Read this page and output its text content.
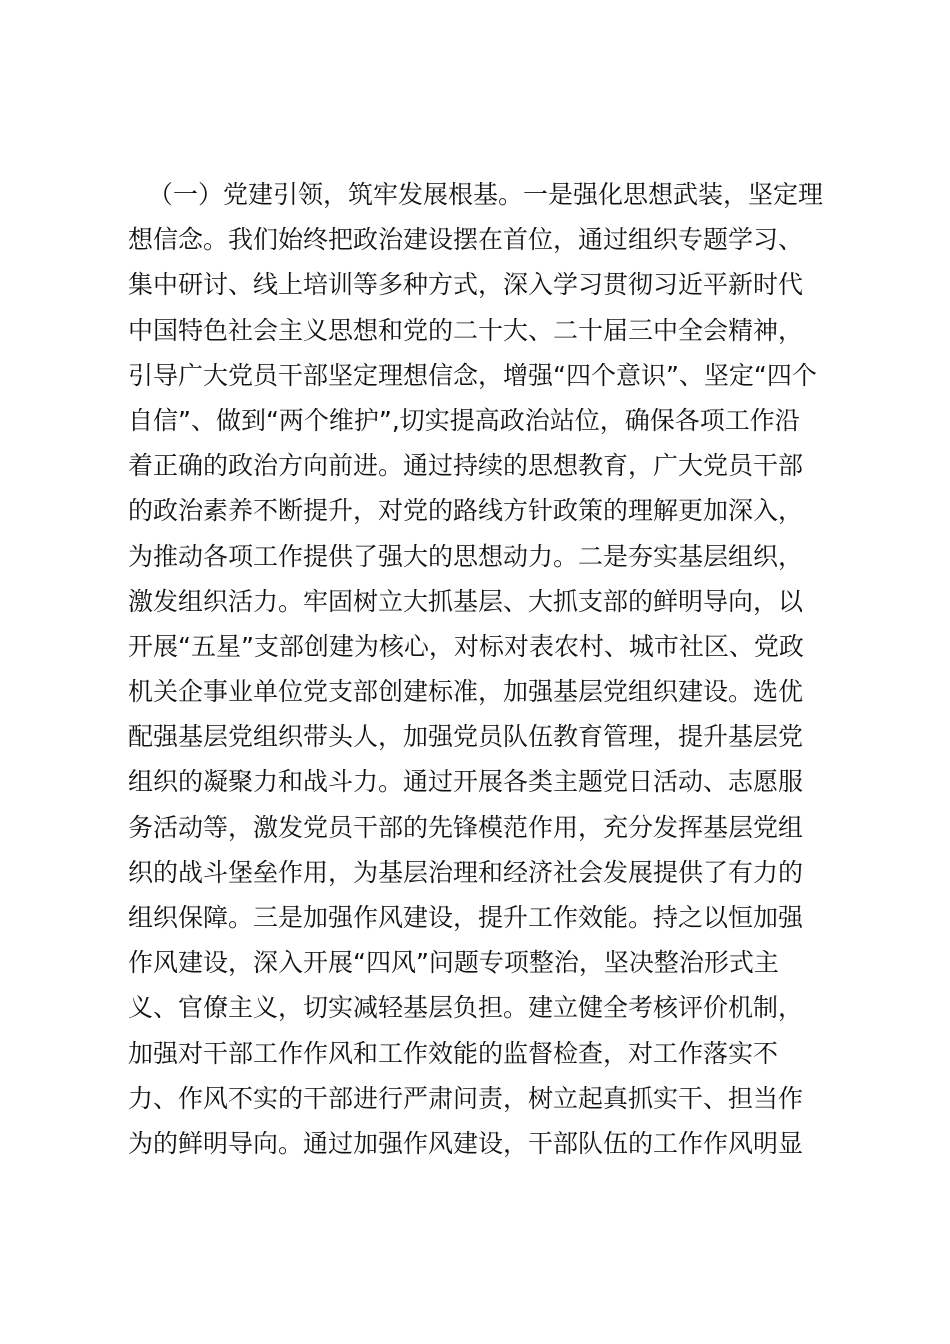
（一）党建引领，筑牢发展根基。一是强化思想武装，坚定理
想信念。我们始终把政治建设摆在首位，通过组织专题学习、
集中研讨、线上培训等多种方式，深入学习贯彻习近平新时代
中国特色社会主义思想和党的二十大、二十届三中全会精神，
引导广大党员干部坚定理想信念，增强“四个意识”、坚定“四个
自信”、做到“两个维护”,切实提高政治站位，确保各项工作沿
着正确的政治方向前进。通过持续的思想教育，广大党员干部
的政治素养不断提升，对党的路线方针政策的理解更加深入，
为推动各项工作提供了强大的思想动力。二是夯实基层组织，
激发组织活力。牢固树立大抓基层、大抓支部的鲜明导向，以
开展“五星”支部创建为核心，对标对表农村、城市社区、党政
机关企事业单位党支部创建标准，加强基层党组织建设。选优
配强基层党组织带头人，加强党员队伍教育管理，提升基层党
组织的凝聚力和战斗力。通过开展各类主题党日活动、志愿服
务活动等，激发党员干部的先锋模范作用，充分发挥基层党组
织的战斗堡垒作用，为基层治理和经济社会发展提供了有力的
组织保障。三是加强作风建设，提升工作效能。持之以恒加强
作风建设，深入开展“四风”问题专项整治，坚决整治形式主
义、官僚主义，切实减轻基层负担。建立健全考核评价机制，
加强对干部工作作风和工作效能的监督检查，对工作落实不
力、作风不实的干部进行严肃问责，树立起真抓实干、担当作
为的鲜明导向。通过加强作风建设，干部队伍的工作作风明显
